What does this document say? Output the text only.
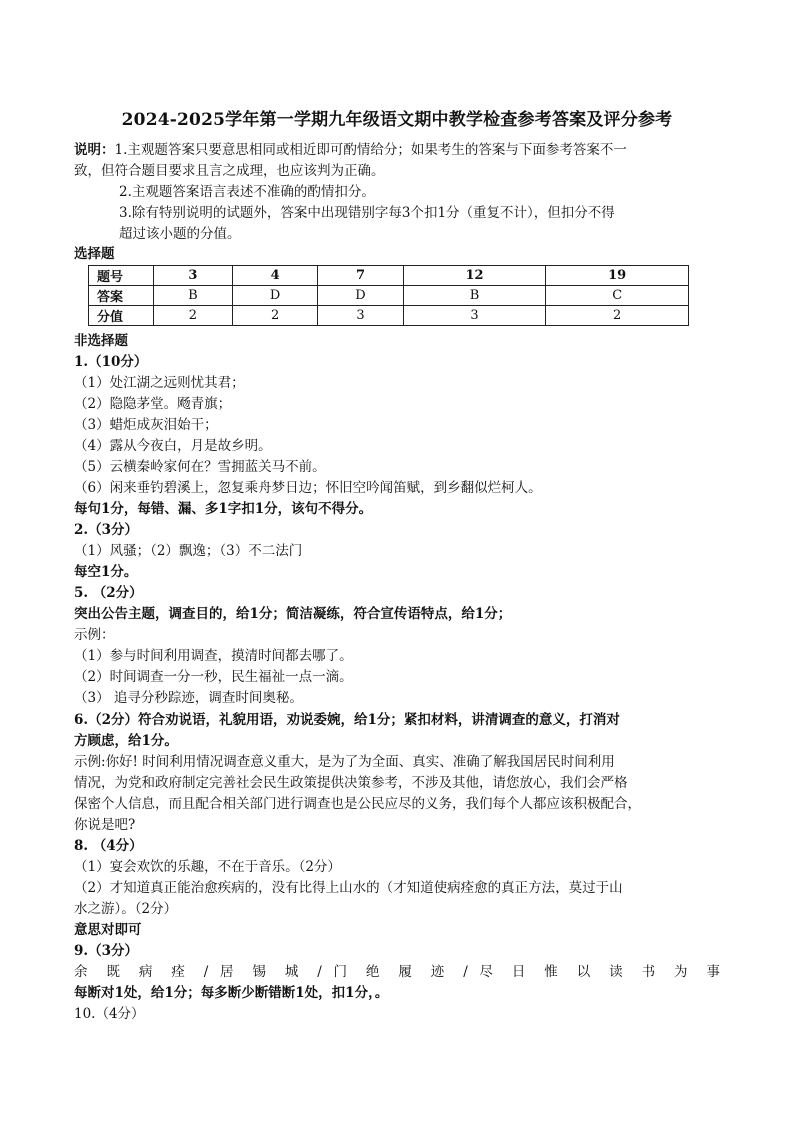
2024-2025学年第一学期九年级语文期中教学检查参考答案及评分参考
说明：1.主观题答案只要意思相同或相近即可酌情给分；如果考生的答案与下面参考答案不一
致，但符合题目要求且言之成理，也应该判为正确。
2.主观题答案语言表述不准确的酌情扣分。
3.除有特别说明的试题外，答案中出现错别字每3个扣1分（重复不计），但扣分不得
超过该小题的分值。
选择题
题号	3	4	7	12	19
答案	B	D	D	B	C
分值	2	2	3	3	2
非选择题
1.（10分）
（1）处江湖之远则忧其君；
（2）隐隐茅堂。飏青旗；
（3）蜡炬成灰泪始干；
（4）露从今夜白，月是故乡明。
（5）云横秦岭家何在？雪拥蓝关马不前。
（6）闲来垂钓碧溪上，忽复乘舟梦日边；怀旧空吟闻笛赋，到乡翻似烂柯人。
每句1分，每错、漏、多1字扣1分，该句不得分。
2.（3分）
（1）风骚；（2）飘逸；（3）不二法门
每空1分。
5. （2分）
突出公告主题，调查目的，给1分；简洁凝练，符合宣传语特点，给1分；
示例：
（1）参与时间利用调查，摸清时间都去哪了。
（2）时间调查一分一秒，民生福祉一点一滴。
（3） 追寻分秒踪迹，调查时间奥秘。
6.（2分）符合劝说语，礼貌用语，劝说委婉，给1分；紧扣材料，讲清调查的意义，打消对
方顾虑，给1分。
示例:你好! 时间利用情况调查意义重大，是为了为全面、真实、准确了解我国居民时间利用
情况，为党和政府制定完善社会民生政策提供决策参考，不涉及其他，请您放心，我们会严格
保密个人信息，而且配合相关部门进行调查也是公民应尽的义务，我们每个人都应该积极配合，
你说是吧?
8. （4分）
（1）宴会欢饮的乐趣，不在于音乐。（2分）
（2）才知道真正能治愈疾病的，没有比得上山水的（才知道使病痊愈的真正方法，莫过于山
水之游）。（2分）
意思对即可
9.（3分）
余 既 病 痊 / 居 锡 城 / 门 绝 履 迹 / 尽 日 惟 以 读 书 为 事
每断对1处，给1分；每多断少断错断1处，扣1分，。
10.（4分）
